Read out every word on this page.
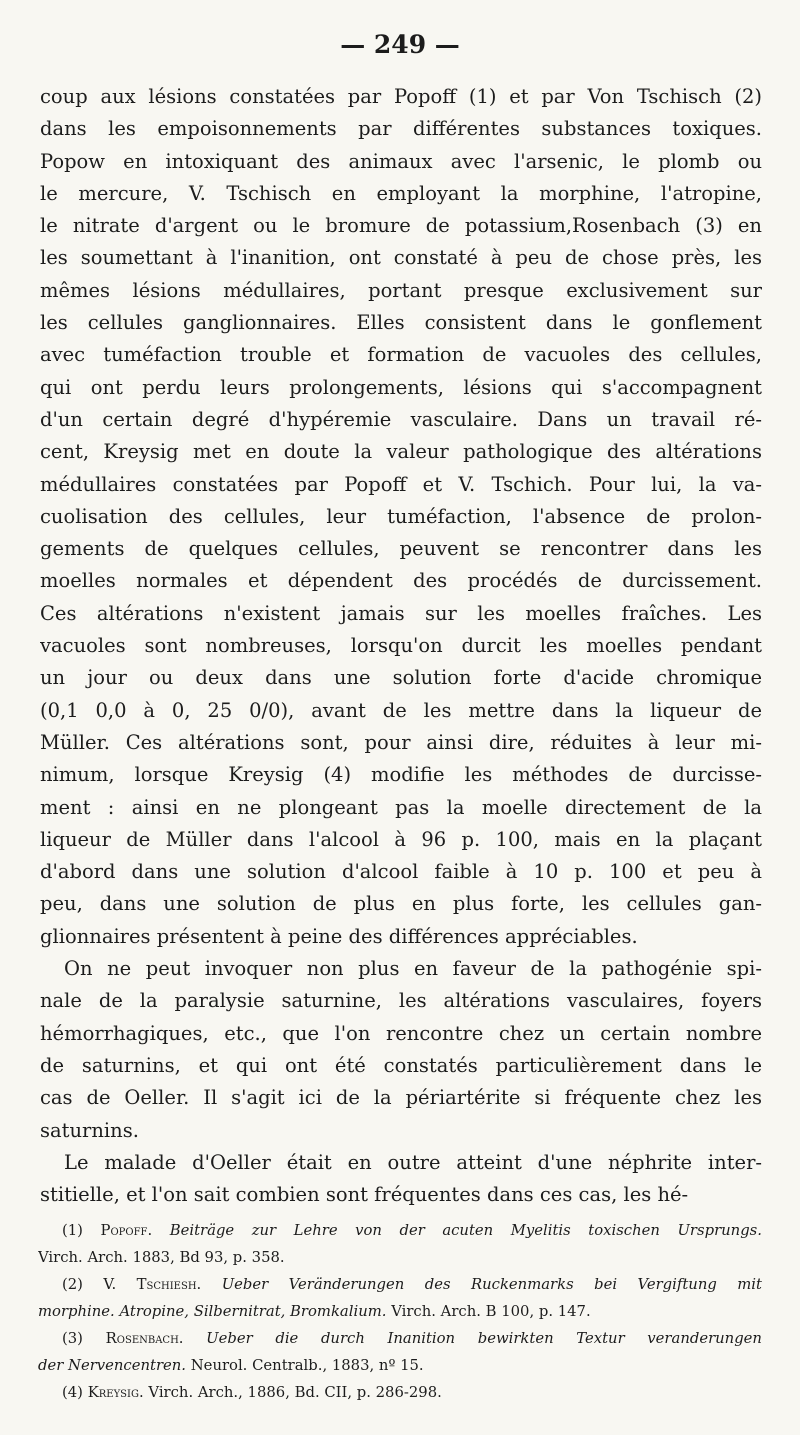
— 249 —
coup aux lésions constatées par Popoff (1) et par Von Tschisch (2)
dans les empoisonnements par différentes substances toxiques.
Popow en intoxiquant des animaux avec l'arsenic, le plomb ou
le mercure, V. Tschisch en employant la morphine, l'atropine,
le nitrate d'argent ou le bromure de potassium,Rosenbach (3) en
les soumettant à l'inanition, ont constaté à peu de chose près, les
mêmes lésions médullaires, portant presque exclusivement sur
les cellules ganglionnaires. Elles consistent dans le gonflement
avec tuméfaction trouble et formation de vacuoles des cellules,
qui ont perdu leurs prolongements, lésions qui s'accompagnent
d'un certain degré d'hypéremie vasculaire. Dans un travail ré-
cent, Kreysig met en doute la valeur pathologique des altérations
médullaires constatées par Popoff et V. Tschich. Pour lui, la va-
cuolisation des cellules, leur tuméfaction, l'absence de prolon-
gements de quelques cellules, peuvent se rencontrer dans les
moelles normales et dépendent des procédés de durcissement.
Ces altérations n'existent jamais sur les moelles fraîches. Les
vacuoles sont nombreuses, lorsqu'on durcit les moelles pendant
un jour ou deux dans une solution forte d'acide chromique
(0,1 0,0 à 0, 25 0/0), avant de les mettre dans la liqueur de
Müller. Ces altérations sont, pour ainsi dire, réduites à leur mi-
nimum, lorsque Kreysig (4) modifie les méthodes de durcisse-
ment : ainsi en ne plongeant pas la moelle directement de la
liqueur de Müller dans l'alcool à 96 p. 100, mais en la plaçant
d'abord dans une solution d'alcool faible à 10 p. 100 et peu à
peu, dans une solution de plus en plus forte, les cellules gan-
glionnaires présentent à peine des différences appréciables.
On ne peut invoquer non plus en faveur de la pathogénie spi-
nale de la paralysie saturnine, les altérations vasculaires, foyers
hémorrhagiques, etc., que l'on rencontre chez un certain nombre
de saturnins, et qui ont été constatés particulièrement dans le
cas de Oeller. Il s'agit ici de la périartérite si fréquente chez les
saturnins.
Le malade d'Oeller était en outre atteint d'une néphrite inter-
stitielle, et l'on sait combien sont fréquentes dans ces cas, les hé-
(1) Popoff. Beiträge zur Lehre von der acuten Myelitis toxischen Ursprungs.
Virch. Arch. 1883, Bd 93, p. 358.
(2) V. Tschiesh. Ueber Veränderungen des Ruckenmarks bei Vergiftung mit
morphine. Atropine, Silbernitrat, Bromkalium. Virch. Arch. B 100, p. 147.
(3) Rosenbach. Ueber die durch Inanition bewirkten Textur veranderungen
der Nervencentren. Neurol. Centralb., 1883, nº 15.
(4) Kreysig. Virch. Arch., 1886, Bd. CII, p. 286-298.
